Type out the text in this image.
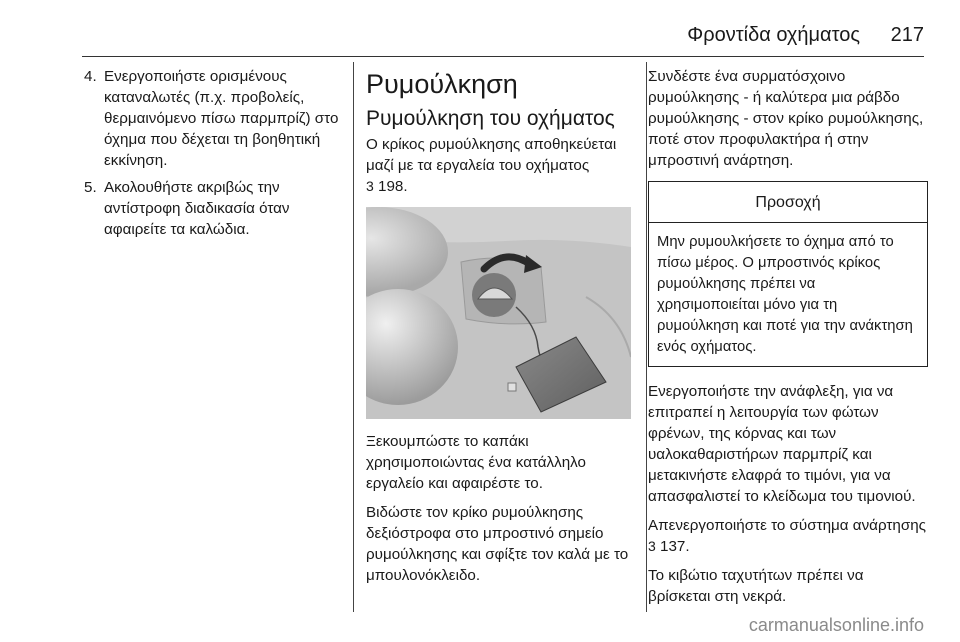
Φροντίδα οχήματος 217
4. Ενεργοποιήστε ορισμένους καταναλωτές (π.χ. προβολείς, θερμαινόμενο πίσω παρμπρίζ) στο όχημα που δέχεται τη βοηθητική εκκίνηση.
5. Ακολουθήστε ακριβώς την αντίστροφη διαδικασία όταν αφαιρείτε τα καλώδια.
Ρυμούλκηση
Ρυμούλκηση του οχήματος

Ο κρίκος ρυμούλκησης αποθηκεύεται μαζί με τα εργαλεία του οχήματος
3 198.

Ξεκουμπώστε το καπάκι χρησιμοποιώντας ένα κατάλληλο εργαλείο και αφαιρέστε το.

Βιδώστε τον κρίκο ρυμούλκησης δεξιόστροφα στο μπροστινό σημείο ρυμούλκησης και σφίξτε τον καλά με το μπουλονόκλειδο.

Συνδέστε ένα συρματόσχοινο ρυμούλκησης - ή καλύτερα μια ράβδο ρυμούλκησης - στον κρίκο ρυμούλκησης, ποτέ στον προφυλακτήρα ή στην μπροστινή ανάρτηση.

Προσοχή
Μην ρυμουλκήσετε το όχημα από το πίσω μέρος. Ο μπροστινός κρίκος ρυμούλκησης πρέπει να χρησιμοποιείται μόνο για τη ρυμούλκηση και ποτέ για την ανάκτηση ενός οχήματος.

Ενεργοποιήστε την ανάφλεξη, για να επιτραπεί η λειτουργία των φώτων φρένων, της κόρνας και των υαλοκαθαριστήρων παρμπρίζ και μετακινήστε ελαφρά το τιμόνι, για να απασφαλιστεί το κλείδωμα του τιμονιού.

Απενεργοποιήστε το σύστημα ανάρτησης 3 137.

Το κιβώτιο ταχυτήτων πρέπει να βρίσκεται στη νεκρά.

carmanualsonline.info
